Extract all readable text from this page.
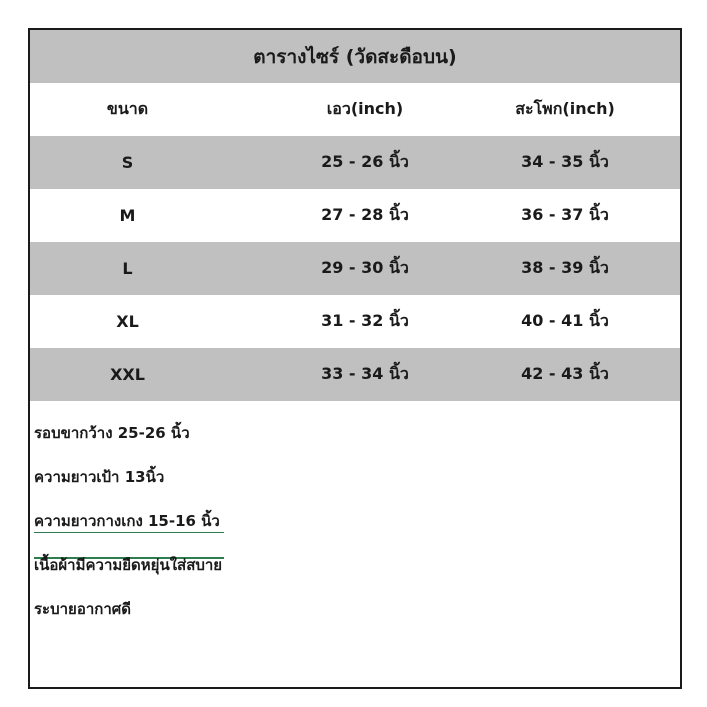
ตารางไซร์ (วัดสะดือบน)
ขนาด	เอว(inch)	สะโพก(inch)
S	25 - 26 นิ้ว	34 - 35 นิ้ว
M	27 - 28 นิ้ว	36 - 37 นิ้ว
L	29 - 30 นิ้ว	38 - 39 นิ้ว
XL	31 - 32 นิ้ว	40 - 41 นิ้ว
XXL	33 - 34 นิ้ว	42 - 43 นิ้ว
รอบขากว้าง 25-26 นิ้ว
ความยาวเป้า 13นิ้ว
ความยาวกางเกง 15-16 นิ้ว
เนื้อผ้ามีความยืดหยุ่นใส่สบาย
ระบายอากาศดี
